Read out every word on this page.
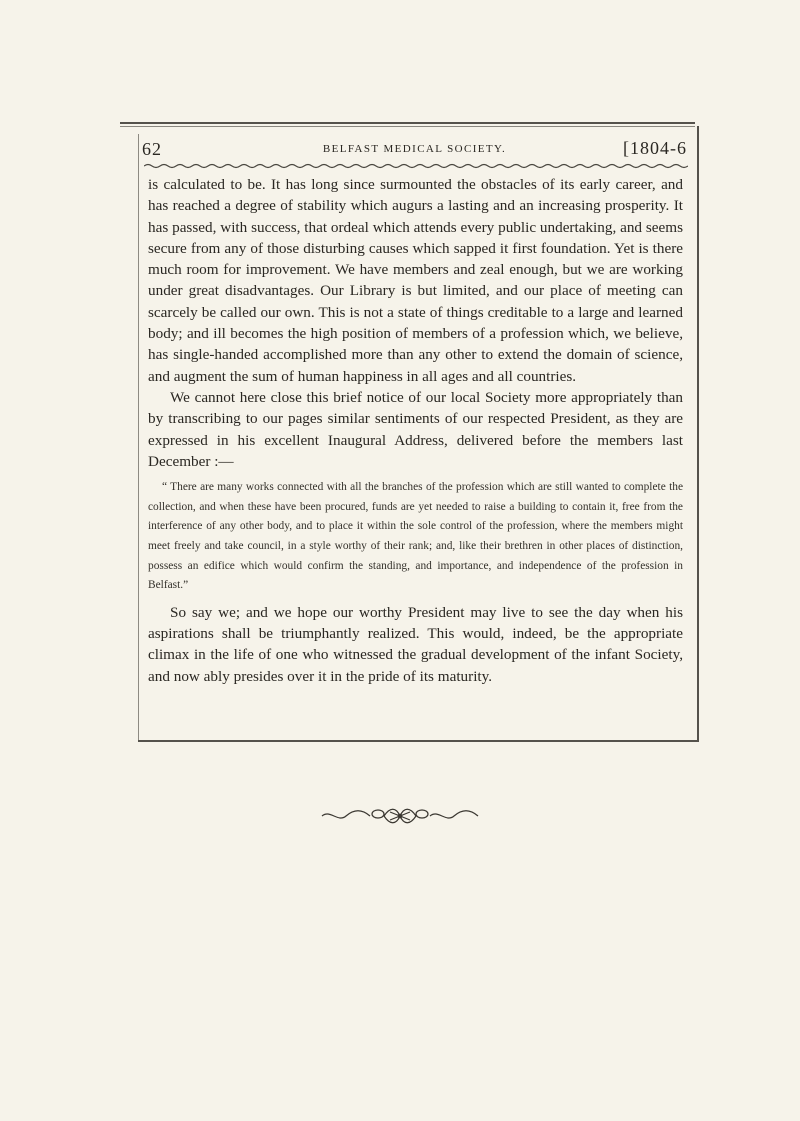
62	BELFAST MEDICAL SOCIETY.	[1804-6

is calculated to be. It has long since surmounted the obstacles of its early career, and has reached a degree of stability which augurs a lasting and an increasing prosperity. It has passed, with success, that ordeal which attends every public undertaking, and seems secure from any of those disturbing causes which sapped it first foundation. Yet is there much room for improvement. We have members and zeal enough, but we are working under great disadvantages. Our Library is but limited, and our place of meeting can scarcely be called our own. This is not a state of things creditable to a large and learned body; and ill becomes the high position of members of a profession which, we believe, has single-handed accomplished more than any other to extend the domain of science, and augment the sum of human happiness in all ages and all countries.

We cannot here close this brief notice of our local Society more appropriately than by transcribing to our pages similar sentiments of our respected President, as they are expressed in his excellent Inaugural Address, delivered before the members last December :—

“ There are many works connected with all the branches of the profession which are still wanted to complete the collection, and when these have been procured, funds are yet needed to raise a building to contain it, free from the interference of any other body, and to place it within the sole control of the profession, where the members might meet freely and take council, in a style worthy of their rank; and, like their brethren in other places of distinction, possess an edifice which would confirm the standing, and importance, and independence of the profession in Belfast.”

So say we; and we hope our worthy President may live to see the day when his aspirations shall be triumphantly realized. This would, indeed, be the appropriate climax in the life of one who witnessed the gradual development of the infant Society, and now ably presides over it in the pride of its maturity.
